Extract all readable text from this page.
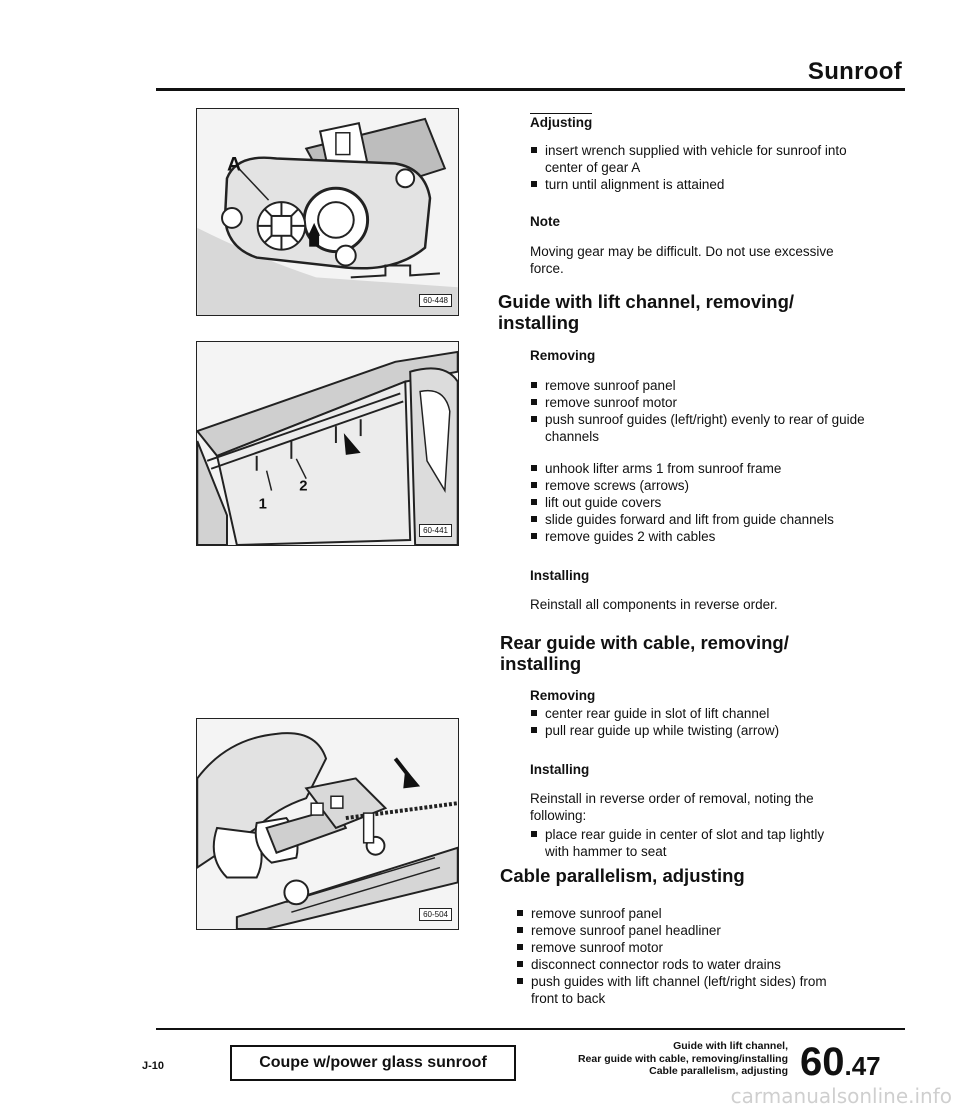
Sunroof
A
60-448
1
2
60-441
60-504
Adjusting
insert wrench supplied with vehicle for sunroof into center of gear A
turn until alignment is attained
Note

Moving gear may be difficult. Do not use excessive force.

Guide with lift channel, removing/ installing
Removing
remove sunroof panel
remove sunroof motor
push sunroof guides (left/right) evenly to rear of guide channels
unhook lifter arms 1 from sunroof frame
remove screws (arrows)
lift out guide covers
slide guides forward and lift from guide channels
remove guides 2 with cables
Installing

Reinstall all components in reverse order.

Rear guide with cable, removing/ installing
Removing
center rear guide in slot of lift channel
pull rear guide up while twisting (arrow)
Installing

Reinstall in reverse order of removal, noting the following:

place rear guide in center of slot and tap lightly with hammer to seat
Cable parallelism, adjusting
remove sunroof panel
remove sunroof panel headliner
remove sunroof motor
disconnect connector rods to water drains
push guides with lift channel (left/right sides) from front to back
J-10	Coupe w/power glass sunroof
Guide with lift channel,
Rear guide with cable, removing/installing
Cable parallelism, adjusting 60.47
carmanualsonline.info
